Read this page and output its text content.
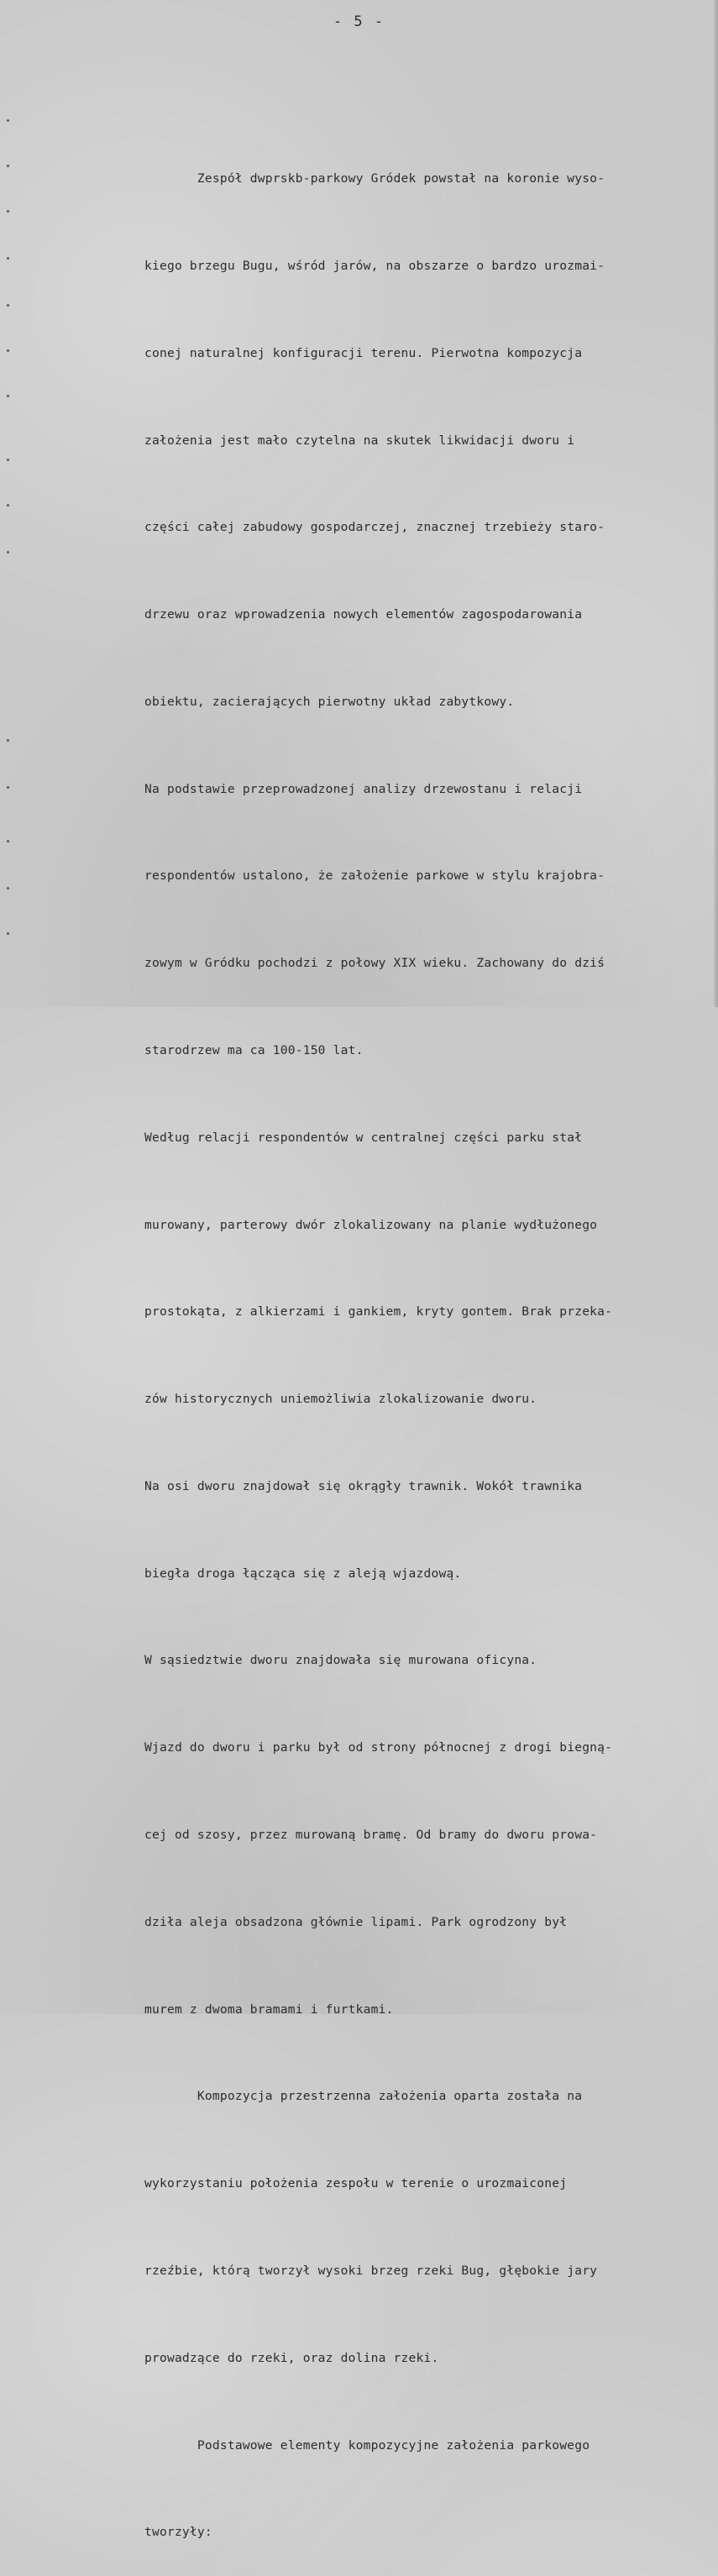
- 5 -

Zespół dwprskb-parkowy Gródek powstał na koronie wyso-

kiego brzegu Bugu, wśród jarów, na obszarze o bardzo urozmai-

conej naturalnej konfiguracji terenu. Pierwotna kompozycja

założenia jest mało czytelna na skutek likwidacji dworu i

części całej zabudowy gospodarczej, znacznej trzebieży staro-

drzewu oraz wprowadzenia nowych elementów zagospodarowania

obiektu, zacierających pierwotny układ zabytkowy.

Na podstawie przeprowadzonej analizy drzewostanu i relacji

respondentów ustalono, że założenie parkowe w stylu krajobra-

zowym w Gródku pochodzi z połowy XIX wieku. Zachowany do dziś

starodrzew ma ca 100-150 lat.

Według relacji respondentów w centralnej części parku stał

murowany, parterowy dwór zlokalizowany na planie wydłużonego

prostokąta, z alkierzami i gankiem, kryty gontem. Brak przeka-

zów historycznych uniemożliwia zlokalizowanie dworu.

Na osi dworu znajdował się okrągły trawnik. Wokół trawnika

biegła droga łącząca się z aleją wjazdową.

W sąsiedztwie dworu znajdowała się murowana oficyna.

Wjazd do dworu i parku był od strony północnej z drogi biegną-

cej od szosy, przez murowaną bramę. Od bramy do dworu prowa-

dziła aleja obsadzona głównie lipami. Park ogrodzony był

murem z dwoma bramami i furtkami.

Kompozycja przestrzenna założenia oparta została na

wykorzystaniu położenia zespołu w terenie o urozmaiconej

rzeźbie, którą tworzył wysoki brzeg rzeki Bug, głębokie jary

prowadzące do rzeki, oraz dolina rzeki.

Podstawowe elementy kompozycyjne założenia parkowego

tworzyły:
